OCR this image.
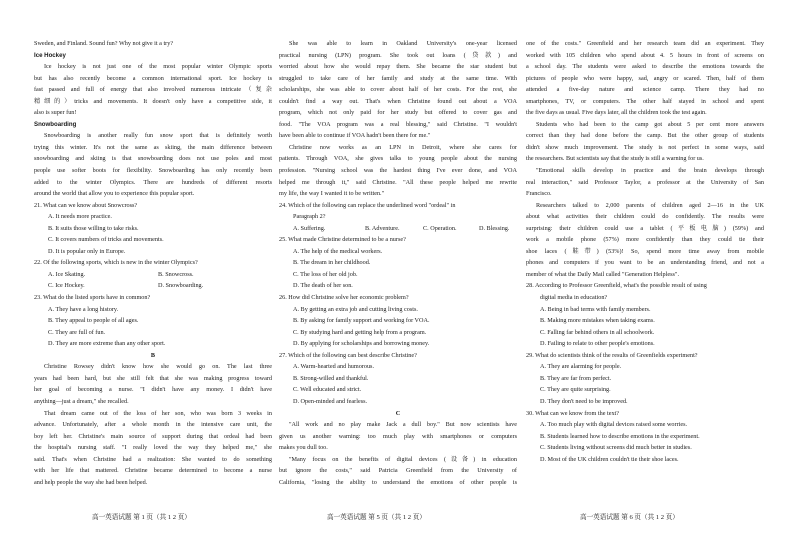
Sweden, and Finland. Sound fun? Why not give it a try?
Ice Hockey
Ice hockey is not just one of the most popular winter Olympic sports
but has also recently become a common international sport. Ice hockey is
fast passed and full of energy that also involved numerous intricate（复杂
精细的）tricks and movements. It doesn't only have a competitive side, it
also is super fun!
Snowboarding
Snowboarding is another really fun snow sport that is definitely worth
trying this winter. It's not the same as skiing, the main difference between
snowboarding and skiing is that snowboarding does not use poles and most
people use softer boots for flexibility. Snowboarding has only recently been
added to the winter Olympics. There are hundreds of different resorts
around the world that allow you to experience this popular sport.
21. What can we know about Snowcross?
A. It needs more practice.
B. It suits those willing to take risks.
C. It covers numbers of tricks and movements.
D. It is popular only in Europe.
22. Of the following sports, which is new in the winter Olympics?
A. Ice Skating.	B. Snowcross.
C. Ice Hockey.	D. Snowboarding.
23. What do the listed sports have in common?
A. They have a long history.
B. They appeal to people of all ages.
C. They are full of fun.
D. They are more extreme than any other sport.
B
Christine Rowsey didn't know how she would go on. The last three
years had been hard, but she still felt that she was making progress toward
her goal of becoming a nurse. "I didn't have any money. I didn't have
anything—just a dream," she recalled.
That dream came out of the loss of her son, who was born 3 weeks in
advance. Unfortunately, after a whole month in the intensive care unit, the
boy left her. Christine's main source of support during that ordeal had been
the hospital's nursing staff. "I really loved the way they helped me," she
said. That's when Christine had a realization: She wanted to do something
with her life that mattered. Christine became determined to become a nurse
and help people the way she had been helped.
She was able to learn in Oakland University's one-year licensed
practical nursing (LPN) program. She took out loans (贷款) and
worried about how she would repay them. She became the star student but
struggled to take care of her family and study at the same time. With
scholarships, she was able to cover about half of her costs. For the rest, she
couldn't find a way out. That's when Christine found out about a VOA
program, which not only paid for her study but offered to cover gas and
food. "The VOA program was a real blessing," said Christine. "I wouldn't
have been able to continue if VOA hadn't been there for me."
Christine now works as an LPN in Detroit, where she cares for
patients. Through VOA, she gives talks to young people about the nursing
profession. "Nursing school was the hardest thing I've ever done, and VOA
helped me through it," said Christine. "All these people helped me rewrite
my life, the way I wanted it to be written."
24. Which of the following can replace the underlined word "ordeal" in
Paragraph 2?
A. Suffering.	B. Adventure.	C. Operation.	D. Blessing.
25. What made Christine determined to be a nurse?
A. The help of the medical workers.
B. The dream in her childhood.
C. The loss of her old job.
D. The death of her son.
26. How did Christine solve her economic problem?
A. By getting an extra job and cutting living costs.
B. By asking for family support and working for VOA.
C. By studying hard and getting help from a program.
D. By applying for scholarships and borrowing money.
27. Which of the following can best describe Christine?
A. Warm-hearted and humorous.
B. Strong-willed and thankful.
C. Well educated and strict.
D. Open-minded and fearless.
C
"All work and no play make Jack a dull boy." But now scientists have
given us another warning: too much play with smartphones or computers
makes you dull too.
"Many focus on the benefits of digital devices (设备) in education
but ignore the costs," said Patricia Greenfield from the University of
California, "losing the ability to understand the emotions of other people is
one of the costs." Greenfield and her research team did an experiment. They
worked with 105 children who spend about 4. 5 hours in front of screens on
a school day. The students were asked to describe the emotions towards the
pictures of people who were happy, sad, angry or scared. Then, half of them
attended a five-day nature and science camp. There they had no
smartphones, TV, or computers. The other half stayed in school and spent
the five days as usual. Five days later, all the children took the test again.
Students who had been to the camp got about 5 per cent more answers
correct than they had done before the camp. But the other group of students
didn't show much improvement. The study is not perfect in some ways, said
the researchers. But scientists say that the study is still a warning for us.
"Emotional skills develop in practice and the brain develops through
real interaction," said Professor Taylor, a professor at the University of San
Francisco.
Researchers talked to 2,000 parents of children aged 2—16 in the UK
about what activities their children could do confidently. The results were
surprising: their children could use a tablet (平板电脑) (59%) and
work a mobile phone (57%) more confidently than they could tie their
shoe laces (鞋带) (53%)! So, spend more time away from mobile
phones and computers if you want to be an understanding friend, and not a
member of what the Daily Mail called "Generation Helpless".
28. According to Professor Greenfield, what's the possible result of using
digital media in education?
A. Being in bad terms with family members.
B. Making more mistakes when taking exams.
C. Falling far behind others in all schoolwork.
D. Failing to relate to other people's emotions.
29. What do scientists think of the results of Greenfields experiment?
A. They are alarming for people.
B. They are far from perfect.
C. They are quite surprising.
D. They don't need to be improved.
30. What can we know from the text?
A. Too much play with digital devices raised some worries.
B. Students learned how to describe emotions in the experiment.
C. Students living without screens did much better in studies.
D. Most of the UK children couldn't tie their shoe laces.
高一英语试题 第 1 页（共 1 2 页）	高一英语试题 第 5 页（共 1 2 页）	高一英语试题 第 6 页（共 1 2 页）
